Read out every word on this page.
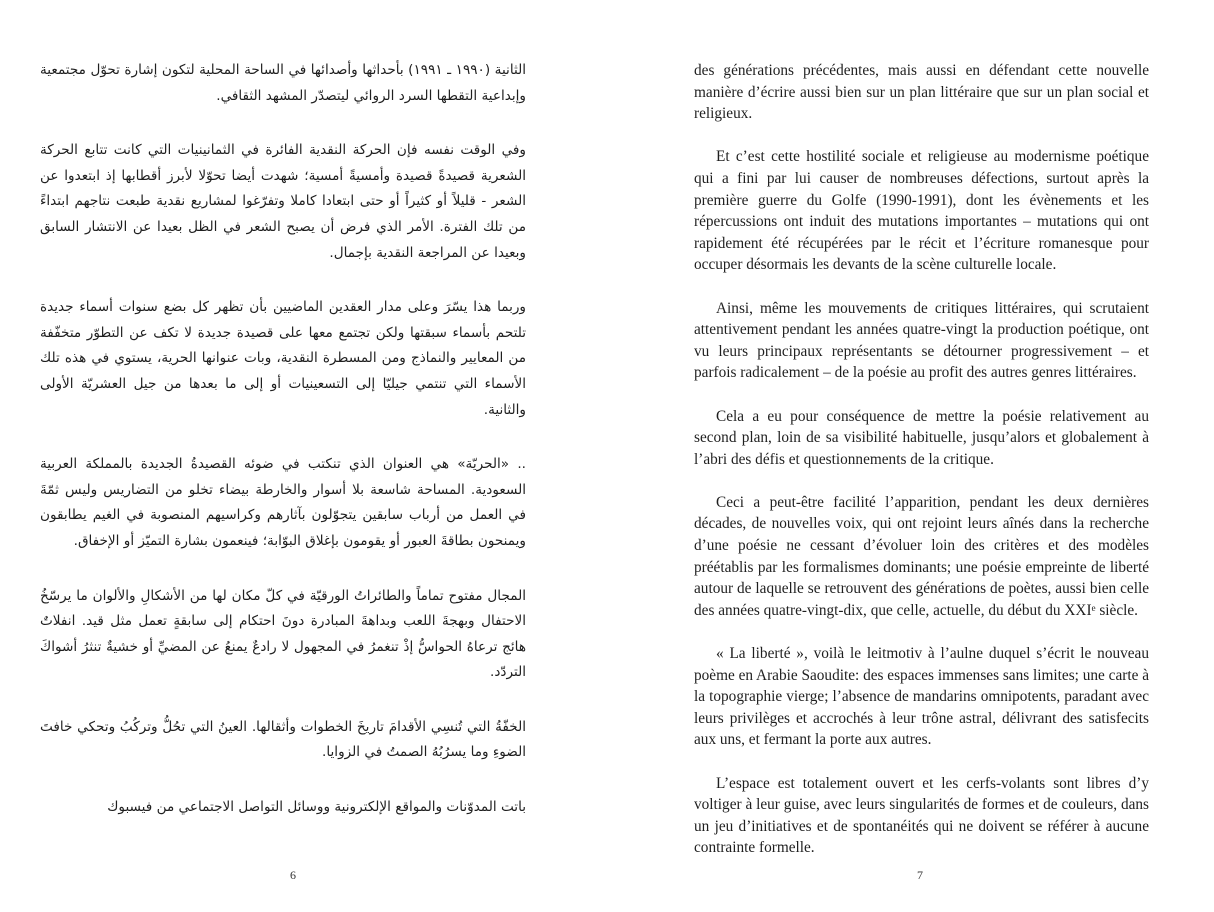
الثانية (١٩٩٠ ـ ١٩٩١) بأحداثها وأصدائها في الساحة المحلية لتكون إشارة تحوّل مجتمعية وإبداعية التقطها السرد الروائي ليتصدّر المشهد الثقافي.

وفي الوقت نفسه فإن الحركة النقدية الفائرة في الثمانينيات التي كانت تتابع الحركة الشعرية قصيدةً قصيدة وأمسيةً أمسية؛ شهدت أيضا تحوّلا لأبرز أقطابها إذ ابتعدوا عن الشعر - قليلاً أو كثيراً أو حتى ابتعادا كاملا وتفرّغوا لمشاريع نقدية طبعت نتاجهم ابتداءً من تلك الفترة. الأمر الذي فرض أن يصبح الشعر في الظل بعيدا عن الانتشار السابق وبعيدا عن المراجعة النقدية بإجمال.

وربما هذا يسّرَ وعلى مدار العقدين الماضيين بأن تظهر كل بضع سنوات أسماء جديدة تلتحم بأسماء سبقتها ولكن تجتمع معها على قصيدة جديدة لا تكف عن التطوّر متخفّفة من المعايير والنماذج ومن المسطرة النقدية، وبات عنوانها الحرية، يستوي في هذه تلك الأسماء التي تنتمي جيليّا إلى التسعينيات أو إلى ما بعدها من جيل العشريّة الأولى والثانية.

.. «الحريّة» هي العنوان الذي تنكتب في ضوئه القصيدةُ الجديدة بالمملكة العربية السعودية. المساحة شاسعة بلا أسوار والخارطة بيضاء تخلو من التضاريس وليس ثمّةَ في العمل من أرباب سابقين يتجوّلون بآثارهم وكراسيهم المنصوبة في الغيم يطابقون ويمنحون بطاقةَ العبور أو يقومون بإغلاق البوّابة؛ فينعمون بشارة التميّز أو الإخفاق.

المجال مفتوح تماماً والطائراتُ الورقيّة في كلّ مكان لها من الأشكالِ والألوان ما يرسّخُ الاحتفال وبهجةَ اللعب وبداهةَ المبادرة دونَ احتكام إلى سابقةٍ تعمل مثل قيد. انفلاتٌ هائج ترعاهُ الحواسُّ إذْ تنغمرُ في المجهول لا رادعٌ يمنعُ عن المضيِّ أو خشيةٌ تنثرُ أشواكَ التردّد.

الخفّةُ التي تُنسِي الأقدامَ تاريخَ الخطوات وأثقالها. العينُ التي تحُلُّ وتركُبُ وتحكي خافتَ الضوءِ وما يسرُبُهُ الصمتُ في الزوايا.

باتت المدوّنات والمواقع الإلكترونية ووسائل التواصل الاجتماعي من فيسبوك

6

des générations précédentes, mais aussi en défendant cette nouvelle manière d’écrire aussi bien sur un plan littéraire que sur un plan social et religieux.

Et c’est cette hostilité sociale et religieuse au modernisme poétique qui a fini par lui causer de nombreuses défections, surtout après la première guerre du Golfe (1990-1991), dont les évènements et les répercussions ont induit des mutations importantes – mutations qui ont rapidement été récupérées par le récit et l’écriture romanesque pour occuper désormais les devants de la scène culturelle locale.

Ainsi, même les mouvements de critiques littéraires, qui scrutaient attentivement pendant les années quatre-vingt la production poétique, ont vu leurs principaux représentants se détourner progressivement – et parfois radicalement – de la poésie au profit des autres genres littéraires.

Cela a eu pour conséquence de mettre la poésie relativement au second plan, loin de sa visibilité habituelle, jusqu’alors et globalement à l’abri des défis et questionnements de la critique.

Ceci a peut-être facilité l’apparition, pendant les deux dernières décades, de nouvelles voix, qui ont rejoint leurs aînés dans la recherche d’une poésie ne cessant d’évoluer loin des critères et des modèles préétablis par les formalismes dominants; une poésie empreinte de liberté autour de laquelle se retrouvent des générations de poètes, aussi bien celle des années quatre-vingt-dix, que celle, actuelle, du début du XXIᵉ siècle.

« La liberté », voilà le leitmotiv à l’aulne duquel s’écrit le nouveau poème en Arabie Saoudite: des espaces immenses sans limites; une carte à la topographie vierge; l’absence de mandarins omnipotents, paradant avec leurs privilèges et accrochés à leur trône astral, délivrant des satisfecits aux uns, et fermant la porte aux autres.

L’espace est totalement ouvert et les cerfs-volants sont libres d’y voltiger à leur guise, avec leurs singularités de formes et de couleurs, dans un jeu d’initiatives et de spontanéités qui ne doivent se référer à aucune contrainte formelle.

7
